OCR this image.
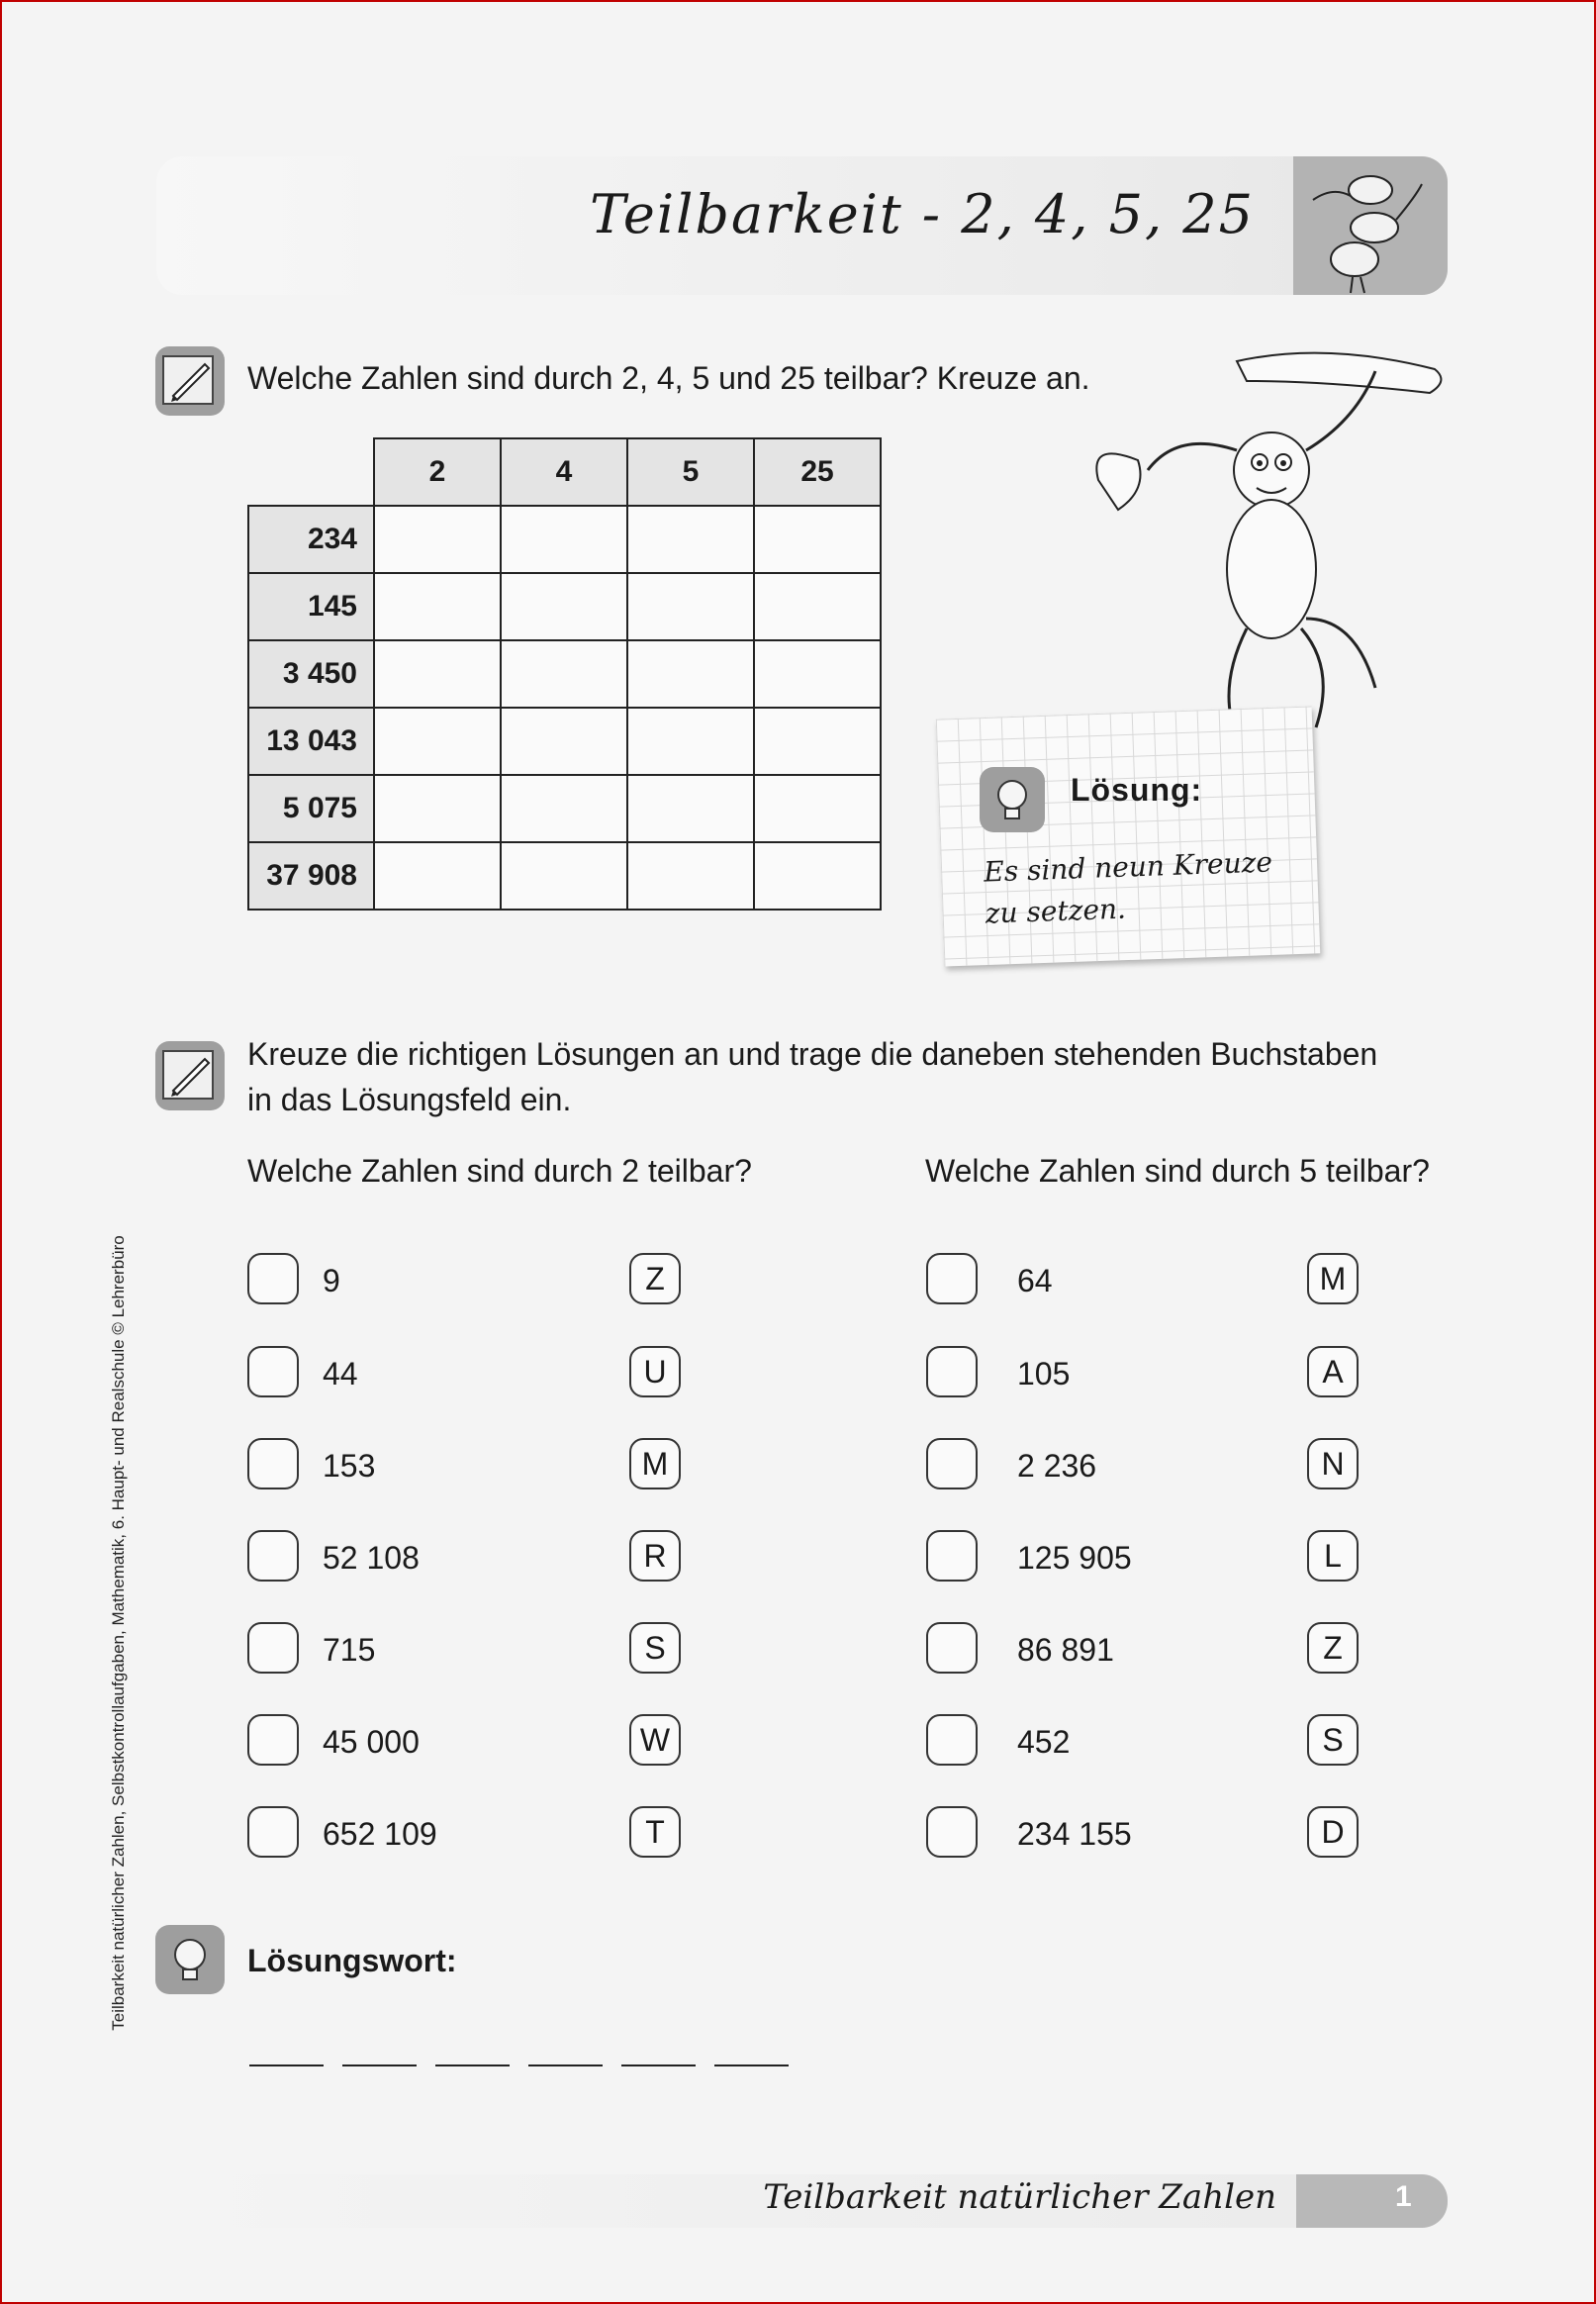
Teilbarkeit - 2, 4, 5, 25
Teilbarkeit natürlicher Zahlen, Selbstkontrollaufgaben, Mathematik, 6. Haupt- und Realschule © Lehrerbüro
Welche Zahlen sind durch 2, 4, 5 und 25 teilbar? Kreuze an.
	2	4	5	25
234				
145				
3 450				
13 043				
5 075				
37 908				
Lösung:
Es sind neun Kreuze zu setzen.
Kreuze die richtigen Lösungen an und trage die daneben stehenden Buchstaben in das Lösungsfeld ein.
Welche Zahlen sind durch 2 teilbar?	Welche Zahlen sind durch 5 teilbar?
9	Z
44	U
153	M
52 108	R
715	S
45 000	W
652 109	T
64	M
105	A
2 236	N
125 905	L
86 891	Z
452	S
234 155	D
Lösungswort:
Teilbarkeit natürlicher Zahlen	1
